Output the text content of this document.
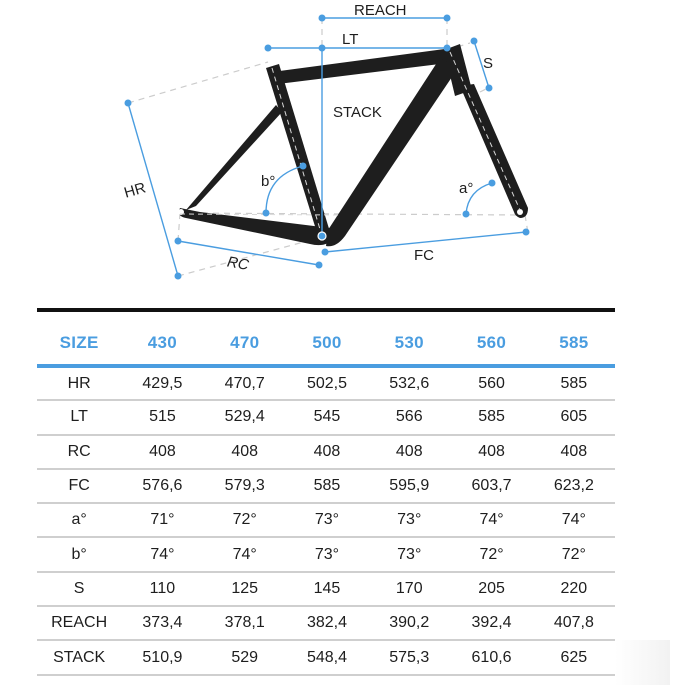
REACH
LT
S
STACK
HR	b°	a°
RC	FC
SIZE	430	470	500	530	560	585
HR	429,5	470,7	502,5	532,6	560	585
LT	515	529,4	545	566	585	605
RC	408	408	408	408	408	408
FC	576,6	579,3	585	595,9	603,7	623,2
a°	71°	72°	73°	73°	74°	74°
b°	74°	74°	73°	73°	72°	72°
S	110	125	145	170	205	220
REACH	373,4	378,1	382,4	390,2	392,4	407,8
STACK	510,9	529	548,4	575,3	610,6	625
